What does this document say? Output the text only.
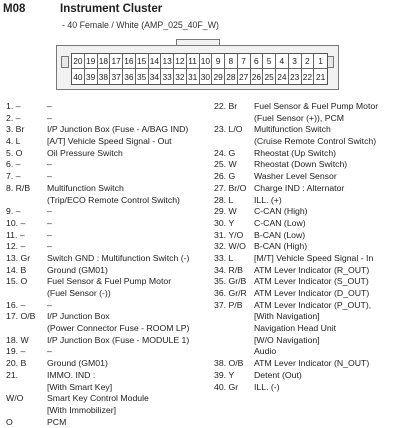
M08	Instrument Cluster
- 40 Female / White (AMP_025_40F_W)
20 19 18 17 16 15 14 13 12 11 10 9 8 7 6 5 4 3 2	1
40 39 38 37 36 35 34 33 32 31 30 29 28 27 26 25 24 23 22 21
1. –	–
2. –	–
3. Br	I/P Junction Box (Fuse - A/BAG IND)
4. L	[A/T] Vehicle Speed Signal - Out
5. O	Oil Pressure Switch
6. –	–
7. –	–
8. R/B	Multifunction Switch
(Trip/ECO Remote Control Switch)
9. –	–
10. –	–
11. –	–
12. –	–
13. Gr	Switch GND : Multifunction Switch (-)
14. B	Ground (GM01)
15. O	Fuel Sensor & Fuel Pump Motor
(Fuel Sensor (-))
16. –	–
17. O/B	I/P Junction Box
(Power Connector Fuse - ROOM LP)
18. W	I/P Junction Box (Fuse - MODULE 1)
19. –	–
20. B	Ground (GM01)
21.	IMMO. IND :
[With Smart Key]
W/O	Smart Key Control Module
[With Immobilizer]
O	PCM
22. Br	Fuel Sensor & Fuel Pump Motor
(Fuel Sensor (+)), PCM
23. L/O	Multifunction Switch
(Cruise Remote Control Switch)
24. G	Rheostat (Up Switch)
25. W	Rheostat (Down Switch)
26. G	Washer Level Sensor
27. Br/O Charge IND : Alternator
28. L	ILL. (+)
29. W	C-CAN (High)
30. Y	C-CAN (Low)
31. Y/O	B-CAN (Low)
32. W/O B-CAN (High)
33. L	[M/T] Vehicle Speed Signal - In
34. R/B	ATM Lever Indicator (R_OUT)
35. Gr/B ATM Lever Indicator (S_OUT)
36. Gr/R ATM Lever Indicator (D_OUT)
37. P/B	ATM Lever Indicator (P_OUT),
[With Navigation]
Navigation Head Unit
[W/O Navigation]
Audio
38. O/B	ATM Lever Indicator (N_OUT)
39. Y	Detent (Out)
40. Gr	ILL. (-)
